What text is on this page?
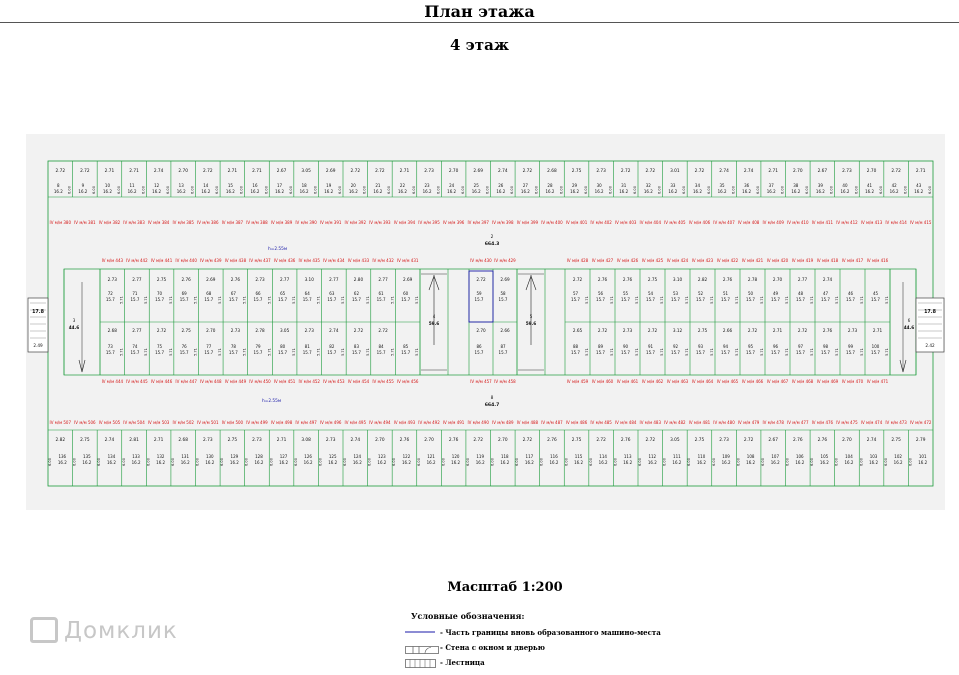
План этажа
4 этаж
2.72
8
16.2 6.00
IV м/м 380
2.72
9
16.2 6.00
IV м/м 381
2.71
10
16.2 6.00
IV м/м 382
2.71
11
16.2 6.00
IV м/м 383
2.74
12
16.2 6.00
IV м/м 384
2.70
13
16.2 6.00
IV м/м 385
2.72
14
16.2 6.00
IV м/м 386
2.71
15
16.2 6.00
IV м/м 387
2.71
16
16.2 6.00
IV м/м 388
2.67
17
16.2 6.00
IV м/м 389
3.05
18
16.2 6.00
IV м/м 390
2.69
19
16.2 6.00
IV м/м 391
2.72
20
16.2 6.00
IV м/м 392
2.72
21
16.2 6.00
IV м/м 393
2.71
22
16.2 6.00
IV м/м 394
2.73
23
16.2 6.00
IV м/м 395
2.70
24
16.2 6.00
IV м/м 396
2.69
25
16.2 6.00
IV м/м 397
2.74
26
16.2 6.00
IV м/м 398
2.72
27
16.2 6.00
IV м/м 399
2.68
28
16.2 6.00
IV м/м 400
2.75
29
16.2 6.00
IV м/м 401
2.73
30
16.2 6.00
IV м/м 402
2.72
31
16.2 6.00
IV м/м 403
2.72
32
16.2 6.00
IV м/м 404
3.01
33
16.2 6.00
IV м/м 405
2.72
34
16.2 6.00
IV м/м 406
2.74
35
16.2 6.00
IV м/м 407
2.74
36
16.2 6.00
IV м/м 408
2.71
37
16.2 6.00
IV м/м 409
2.70
38
16.2 6.00
IV м/м 410
2.67
39
16.2 6.00
IV м/м 411
2.73
40
16.2 6.00
IV м/м 412
2.70
41
16.2 6.00
IV м/м 413
2.72
42
16.2 6.00
IV м/м 414
2.71
43
16.2 6.00
IV м/м 415
h=2.55м
2
664.3
IV м/м 443
IV м/м 444
2.73
72
15.7
2.68
73
15.7
5.71
5.71
IV м/м 442
IV м/м 445
2.77
71
15.7
2.77
74
15.7
5.71
5.71
IV м/м 441
IV м/м 446
2.75
70
15.7
2.72
75
15.7
5.71
5.71
IV м/м 440
IV м/м 447
2.76
69
15.7
2.75
76
15.7
5.71
5.71
IV м/м 439
IV м/м 448
2.69
68
15.7
2.70
77
15.7
5.71
5.71
IV м/м 438
IV м/м 449
2.76
67
15.7
2.73
78
15.7
5.71
5.71
IV м/м 437
IV м/м 450
2.73
66
15.7
2.78
79
15.7
5.71
5.71
IV м/м 436
IV м/м 451
2.77
65
15.7
3.05
80
15.7
5.71
5.71
IV м/м 435
IV м/м 452
3.10
64
15.7
2.73
81
15.7
5.71
5.71
IV м/м 434
IV м/м 453
2.77
63
15.7
2.74
82
15.7
5.71
5.71
IV м/м 433
IV м/м 454
2.80
62
15.7
2.72
83
15.7
5.71
5.71
IV м/м 432
IV м/м 455
2.77
61
15.7
2.72
84
15.7
5.71
5.71
IV м/м 431
IV м/м 456
2.69
60
15.7
85
15.7
5.71
5.71
IV м/м 428
IV м/м 459
2.72
57
15.7
2.65
88
15.7
5.71
5.71
IV м/м 427
IV м/м 460
2.76
56
15.7
2.72
89
15.7
5.71
5.71
IV м/м 426
IV м/м 461
2.76
55
15.7
2.73
90
15.7
5.71
5.71
IV м/м 425
IV м/м 462
2.75
54
15.7
2.72
91
15.7
5.71
5.71
IV м/м 424
IV м/м 463
3.10
53
15.7
3.12
92
15.7
5.71
5.71
IV м/м 423
IV м/м 464
2.82
52
15.7
2.75
93
15.7
5.71
5.71
IV м/м 422
IV м/м 465
2.76
51
15.7
2.66
94
15.7
5.71
5.71
IV м/м 421
IV м/м 466
2.78
50
15.7
2.72
95
15.7
5.71
5.71
IV м/м 420
IV м/м 467
2.70
49
15.7
2.71
96
15.7
5.71
5.71
IV м/м 419
IV м/м 468
2.77
48
15.7
2.72
97
15.7
5.71
5.71
IV м/м 418
IV м/м 469
2.74
47
15.7
2.76
98
15.7
5.71
5.71
IV м/м 417
IV м/м 470
46
15.7
2.73
99
15.7
5.71
5.71
IV м/м 416
IV м/м 471
45
15.7
2.71
100
15.7
5.71
5.71
4
59.6
5
59.6
IV м/м 430
IV м/м 457
2.72
59
15.7
2.70
86
15.7
IV м/м 429
IV м/м 458
2.69
58
15.7
2.66
87
15.7
3
44.6
6
44.6
17.8
2.49
17.8
2.42
h=2.55м
8
664.7
IV м/м 507
2.82
136
16.2
6.00
IV м/м 506
2.75
135
16.2
6.00
IV м/м 505
2.74
134
16.2
6.00
IV м/м 504
2.81
133
16.2
6.00
IV м/м 503
2.71
132
16.2
6.00
IV м/м 502
2.68
131
16.2
6.00
IV м/м 501
2.73
130
16.2
6.00
IV м/м 500
2.75
129
16.2
6.00
IV м/м 499
2.73
128
16.2
6.00
IV м/м 498
2.71
127
16.2
6.00
IV м/м 497
3.08
126
16.2
6.00
IV м/м 496
2.73
125
16.2
6.00
IV м/м 495
2.74
124
16.2
6.00
IV м/м 494
2.70
123
16.2
6.00
IV м/м 493
2.76
122
16.2
6.00
IV м/м 492
2.70
121
16.2
6.00
IV м/м 491
2.76
120
16.2
6.00
IV м/м 490
2.72
119
16.2
6.00
IV м/м 489
2.70
118
16.2
6.00
IV м/м 488
2.72
117
16.2
6.00
IV м/м 487
2.76
116
16.2
6.00
IV м/м 486
2.75
115
16.2
6.00
IV м/м 485
2.72
114
16.2
6.00
IV м/м 484
2.76
113
16.2
6.00
IV м/м 483
2.72
112
16.2
6.00
IV м/м 482
3.05
111
16.2
6.00
IV м/м 481
2.75
110
16.2
6.00
IV м/м 480
2.73
109
16.2
6.00
IV м/м 479
2.72
108
16.2
6.00
IV м/м 478
2.67
107
16.2
6.00
IV м/м 477
2.76
106
16.2
6.00
IV м/м 476
2.76
105
16.2
6.00
IV м/м 475
2.70
104
16.2
6.00
IV м/м 474
2.74
103
16.2
6.00
IV м/м 473
2.75
102
16.2
6.00
IV м/м 472
2.79
101
16.2
6.00
Масштаб 1:200
Условные обозначения:
- Часть границы вновь образованного машино-места
- Стена с окном и дверью
- Лестница
Домклик
